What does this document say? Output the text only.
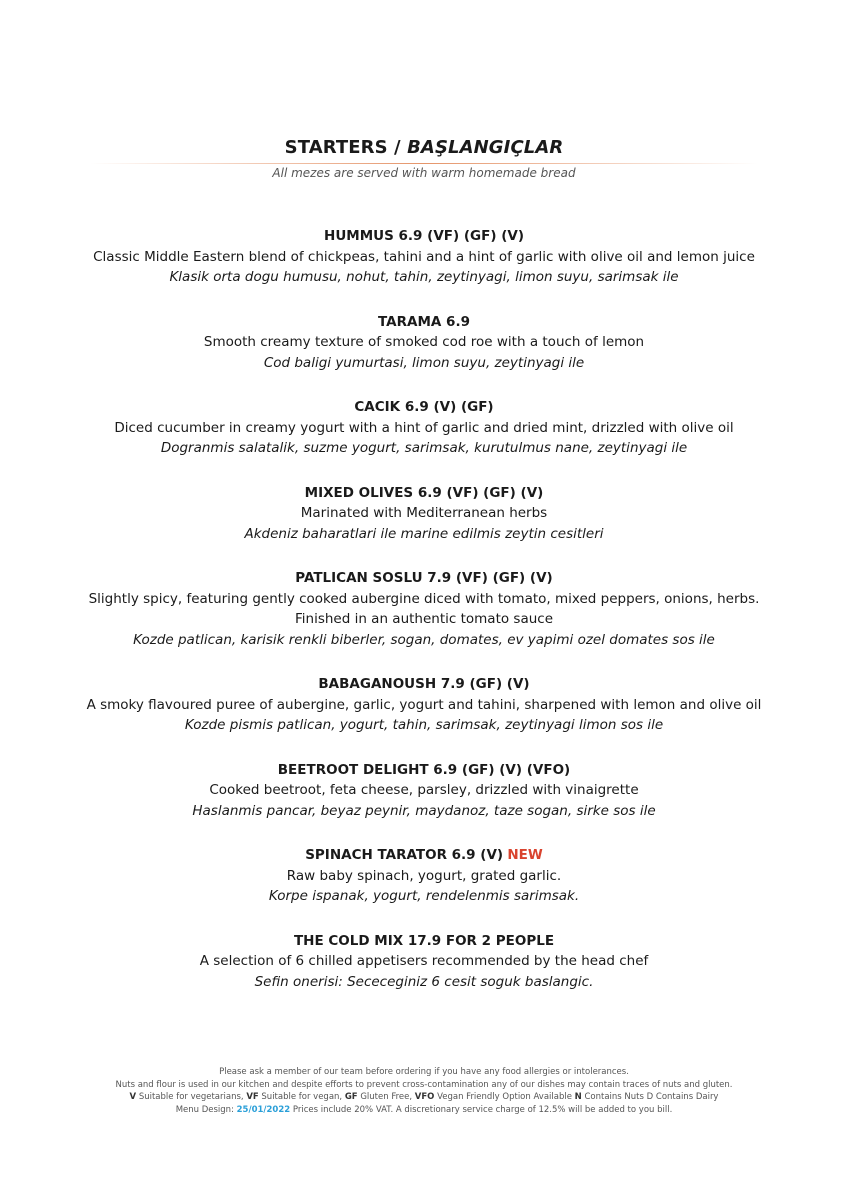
STARTERS / BAŞLANGIÇLAR
All mezes are served with warm homemade bread
HUMMUS 6.9 (VF) (GF) (V)
Classic Middle Eastern blend of chickpeas, tahini and a hint of garlic with olive oil and lemon juice
Klasik orta dogu humusu, nohut, tahin, zeytinyagi, limon suyu, sarimsak ile
TARAMA 6.9
Smooth creamy texture of smoked cod roe with a touch of lemon
Cod baligi yumurtasi, limon suyu, zeytinyagi ile
CACIK 6.9 (V) (GF)
Diced cucumber in creamy yogurt with a hint of garlic and dried mint, drizzled with olive oil
Dogranmis salatalik, suzme yogurt, sarimsak, kurutulmus nane, zeytinyagi ile
MIXED OLIVES 6.9 (VF) (GF) (V)
Marinated with Mediterranean herbs
Akdeniz baharatlari ile marine edilmis zeytin cesitleri
PATLICAN SOSLU 7.9 (VF) (GF) (V)
Slightly spicy, featuring gently cooked aubergine diced with tomato, mixed peppers, onions, herbs.
Finished in an authentic tomato sauce
Kozde patlican, karisik renkli biberler, sogan, domates, ev yapimi ozel domates sos ile
BABAGANOUSH 7.9 (GF) (V)
A smoky flavoured puree of aubergine, garlic, yogurt and tahini, sharpened with lemon and olive oil
Kozde pismis patlican, yogurt, tahin, sarimsak, zeytinyagi limon sos ile
BEETROOT DELIGHT 6.9 (GF) (V) (VFO)
Cooked beetroot, feta cheese, parsley, drizzled with vinaigrette
Haslanmis pancar, beyaz peynir, maydanoz, taze sogan, sirke sos ile
SPINACH TARATOR 6.9 (V) NEW
Raw baby spinach, yogurt, grated garlic.
Korpe ispanak, yogurt, rendelenmis sarimsak.
THE COLD MIX 17.9 FOR 2 PEOPLE
A selection of 6 chilled appetisers recommended by the head chef
Sefin onerisi: Sececeginiz 6 cesit soguk baslangic.
Please ask a member of our team before ordering if you have any food allergies or intolerances.
Nuts and flour is used in our kitchen and despite efforts to prevent cross-contamination any of our dishes may contain traces of nuts and gluten.
V Suitable for vegetarians, VF Suitable for vegan, GF Gluten Free, VFO Vegan Friendly Option Available N Contains Nuts D Contains Dairy
Menu Design: 25/01/2022 Prices include 20% VAT. A discretionary service charge of 12.5% will be added to you bill.
